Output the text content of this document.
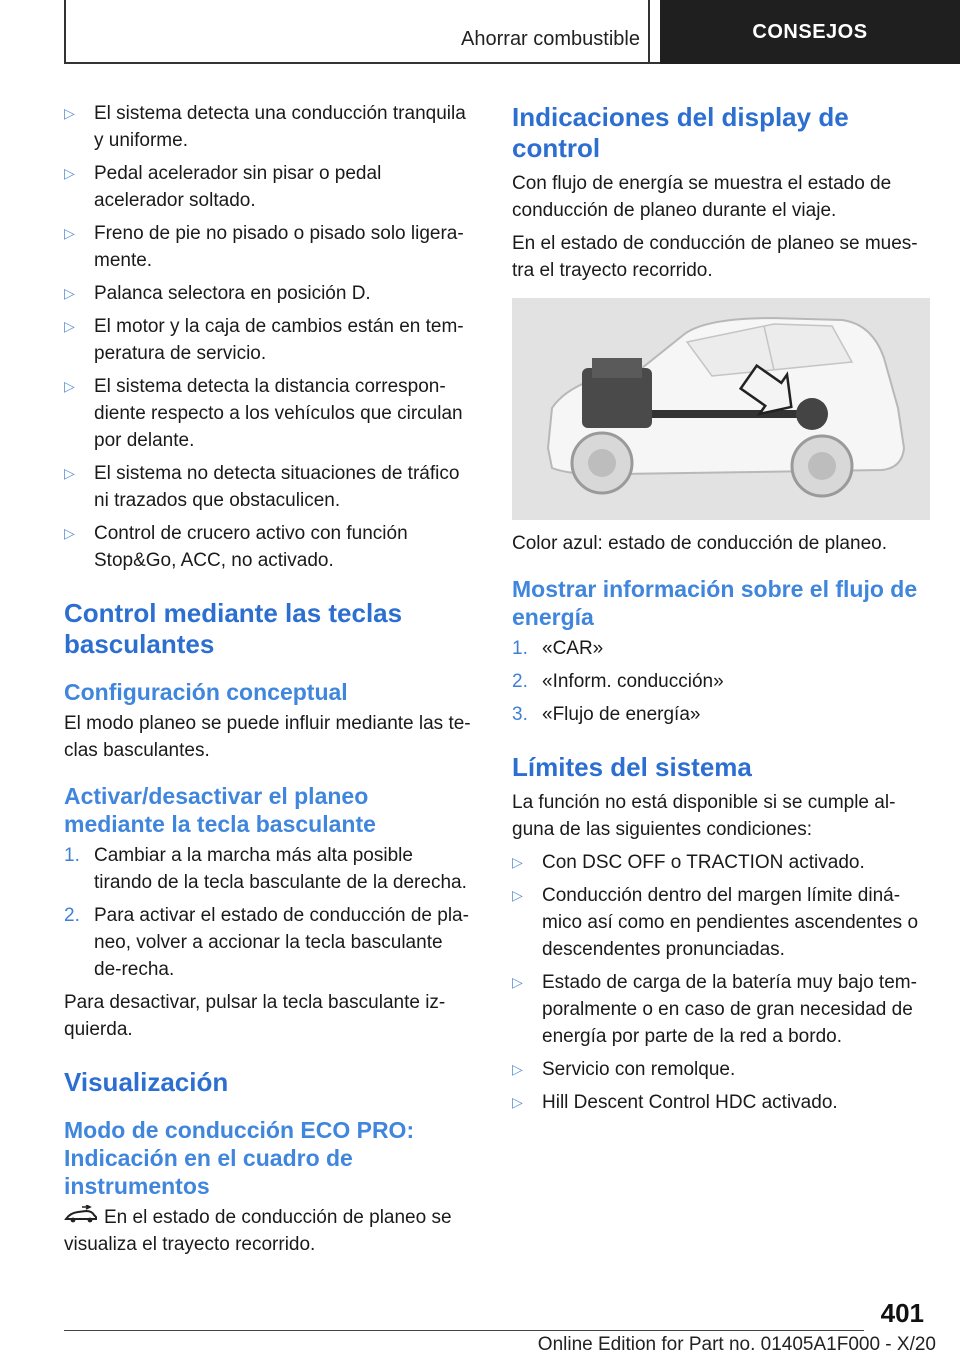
Ahorrar combustible	CONSEJOS
▷ El sistema detecta una conducción tranquila y uniforme.
▷ Pedal acelerador sin pisar o pedal acelerador soltado.
▷ Freno de pie no pisado o pisado solo ligera‐mente.
▷ Palanca selectora en posición D.
▷ El motor y la caja de cambios están en tem‐peratura de servicio.
▷ El sistema detecta la distancia correspon‐diente respecto a los vehículos que circulan por delante.
▷ El sistema no detecta situaciones de tráfico ni trazados que obstaculicen.
▷ Control de crucero activo con función Stop&Go, ACC, no activado.
Control mediante las teclas basculantes
Configuración conceptual

El modo planeo se puede influir mediante las te‐clas basculantes.

Activar/desactivar el planeo mediante la tecla basculante
1. Cambiar a la marcha más alta posible tirando de la tecla basculante de la derecha.
2. Para activar el estado de conducción de pla‐neo, volver a accionar la tecla basculante de‐recha.

Para desactivar, pulsar la tecla basculante iz‐quierda.

Visualización
Modo de conducción ECO PRO: Indicación en el cuadro de instrumentos

En el estado de conducción de planeo se visualiza el trayecto recorrido.

Indicaciones del display de control

Con flujo de energía se muestra el estado de conducción de planeo durante el viaje.

En el estado de conducción de planeo se mues‐tra el trayecto recorrido.

Color azul: estado de conducción de planeo.

Mostrar información sobre el flujo de energía
1. «CAR»
2. «Inform. conducción»
3. «Flujo de energía»
Límites del sistema

La función no está disponible si se cumple al‐guna de las siguientes condiciones:

▷ Con DSC OFF o TRACTION activado.
▷ Conducción dentro del margen límite diná‐mico así como en pendientes ascendentes o descendentes pronunciadas.
▷ Estado de carga de la batería muy bajo tem‐poralmente o en caso de gran necesidad de energía por parte de la red a bordo.
▷ Servicio con remolque.
▷ Hill Descent Control HDC activado.
401
Online Edition for Part no. 01405A1F000 - X/20
